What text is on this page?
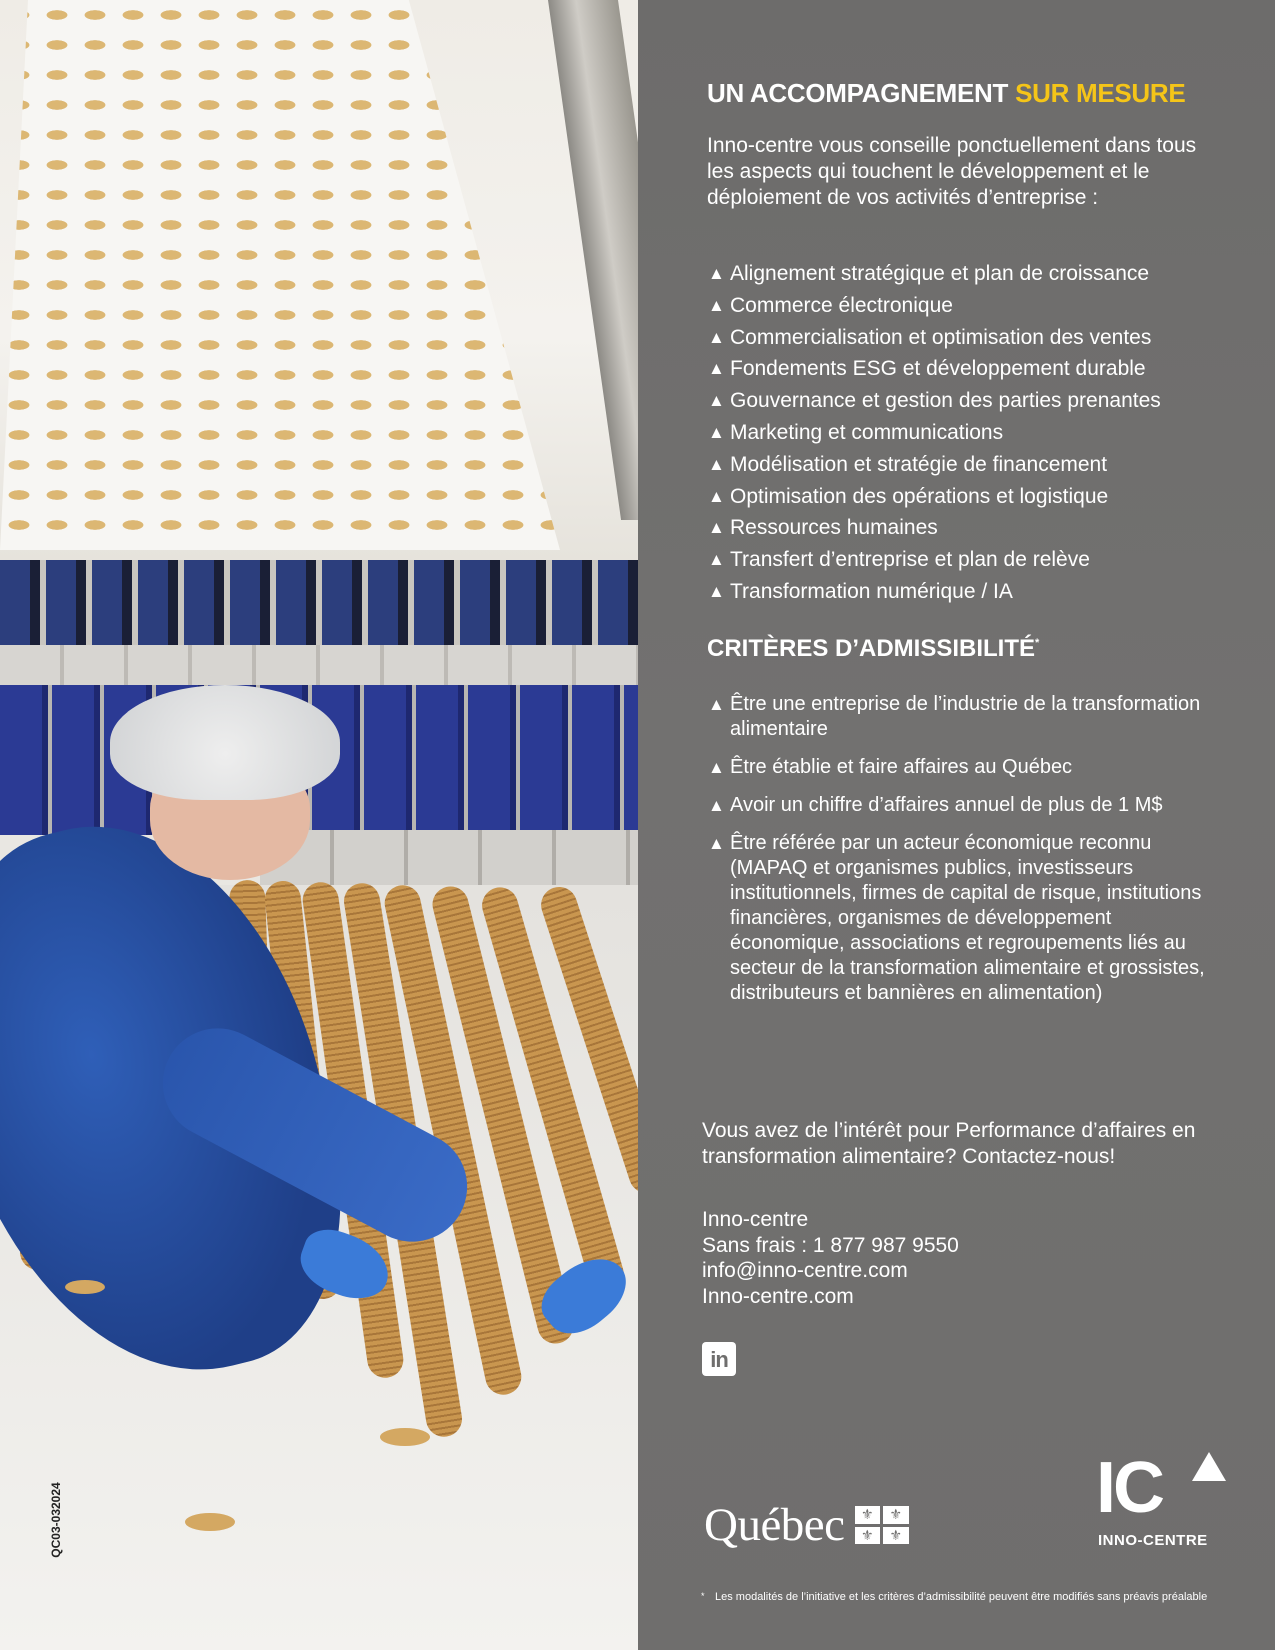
QC03-032024
UN ACCOMPAGNEMENT SUR MESURE
Inno-centre vous conseille ponctuellement dans tous les aspects qui touchent le développement et le déploiement de vos activités d’entreprise :
▲ Alignement stratégique et plan de croissance
▲ Commerce électronique
▲ Commercialisation et optimisation des ventes
▲ Fondements ESG et développement durable
▲ Gouvernance et gestion des parties prenantes
▲ Marketing et communications
▲ Modélisation et stratégie de financement
▲ Optimisation des opérations et logistique
▲ Ressources humaines
▲ Transfert d’entreprise et plan de relève
▲ Transformation numérique / IA
CRITÈRES D’ADMISSIBILITÉ*
▲ Être une entreprise de l’industrie de la transformation alimentaire
▲ Être établie et faire affaires au Québec
▲ Avoir un chiffre d’affaires annuel de plus de 1 M$
▲ Être référée par un acteur économique reconnu (MAPAQ et organismes publics, investisseurs institutionnels, firmes de capital de risque, institutions financières, organismes de développement économique, associations et regroupements liés au secteur de la transformation alimentaire et grossistes, distributeurs et bannières en alimentation)
Vous avez de l’intérêt pour Performance d’affaires en transformation alimentaire? Contactez-nous!
Inno-centre
Sans frais : 1 877 987 9550
info@inno-centre.com
Inno-centre.com
in
Québec	⚜	⚜
⚜	⚜
IC
INNO-CENTRE
* Les modalités de l’initiative et les critères d’admissibilité peuvent être modifiés sans préavis préalable
